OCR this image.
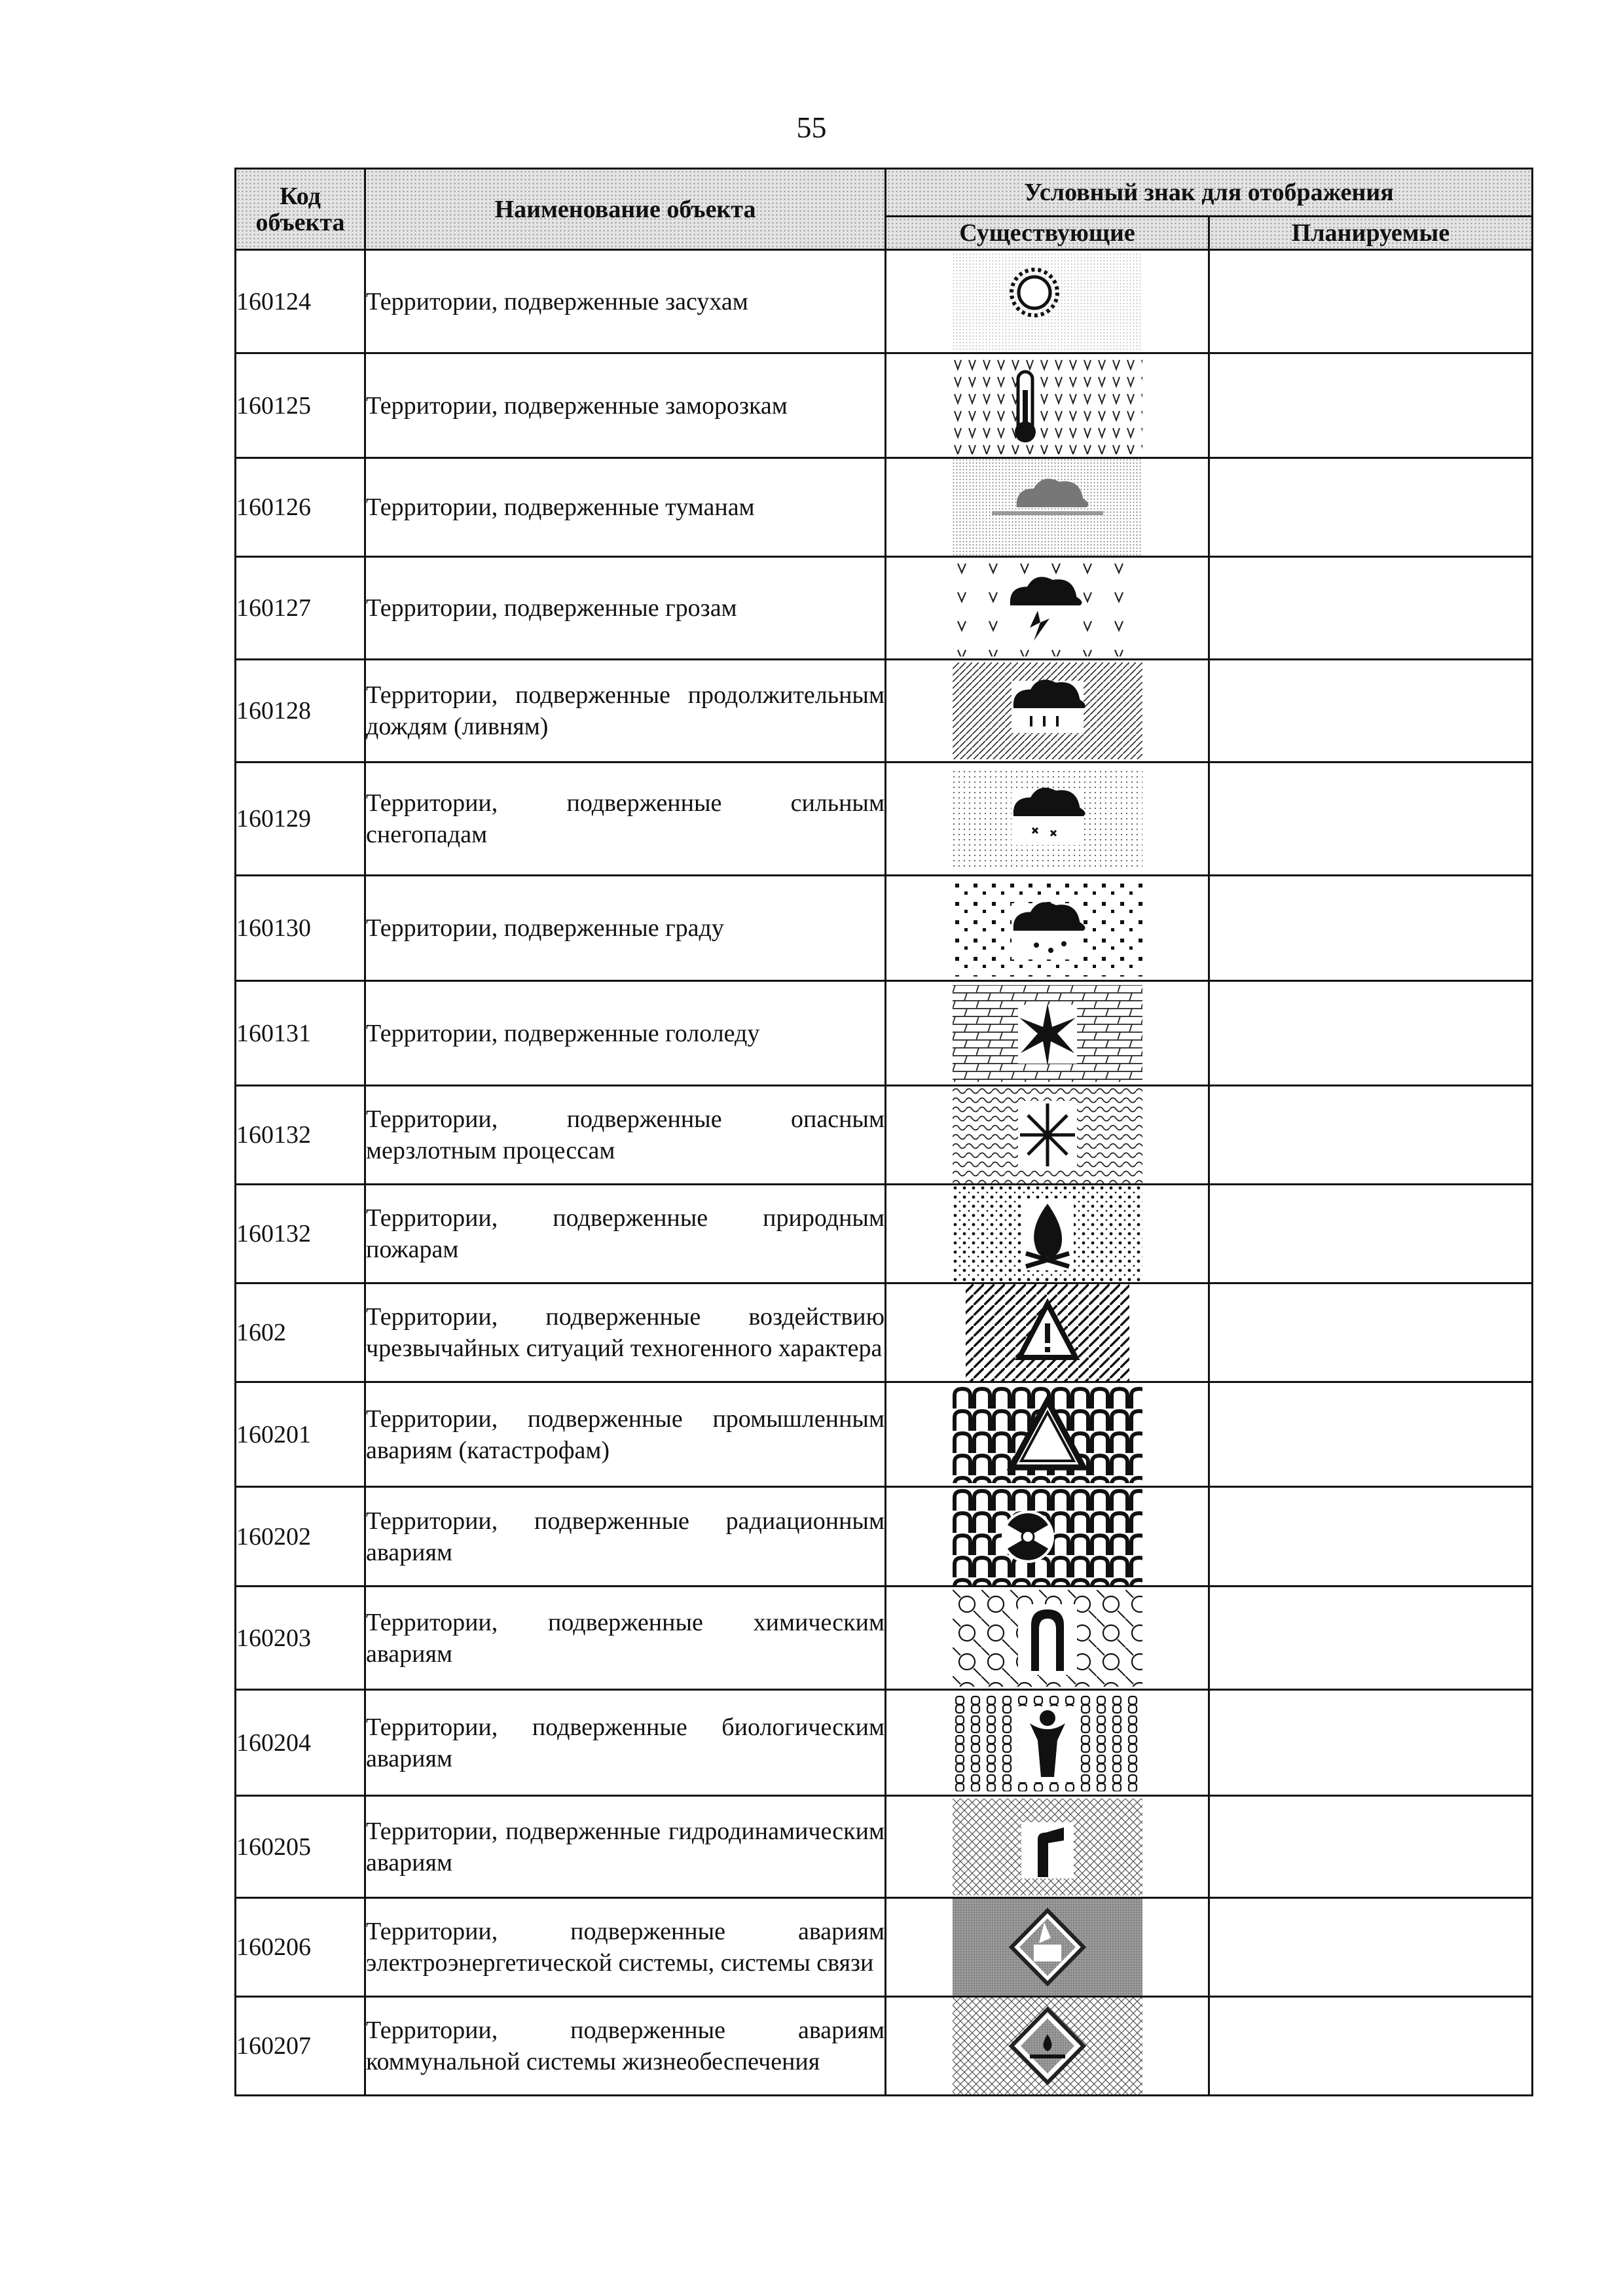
55
Код объекта	Наименование объекта	Условный знак для отображения	
		Существующие	Планируемые
160124	Территории, подверженные засухам	

160125	Территории, подверженные заморозкам	

160126	Территории, подверженные туманам	

160127	Территории, подверженные грозам	

160128	Территории, подверженные продолжительным дождям (ливням)	

160129	Территории, подверженные сильным снегопадам	

160130	Территории, подверженные граду	

160131	Территории, подверженные гололеду	

160132	Территории, подверженные опасным мерзлотным процессам	

160132	Территории, подверженные природным пожарам	

1602	Территории, подверженные воздействию чрезвычайных ситуаций техногенного характера	

160201	Территории, подверженные промышленным авариям (катастрофам)	

160202	Территории, подверженные радиационным авариям	

160203	Территории, подверженные химическим авариям	

160204	Территории, подверженные биологическим авариям	

160205	Территории, подверженные гидродинамическим авариям	

160206	Территории, подверженные авариям электроэнергетической системы, системы связи	

160207	Территории, подверженные авариям коммунальной системы жизнеобеспечения	
